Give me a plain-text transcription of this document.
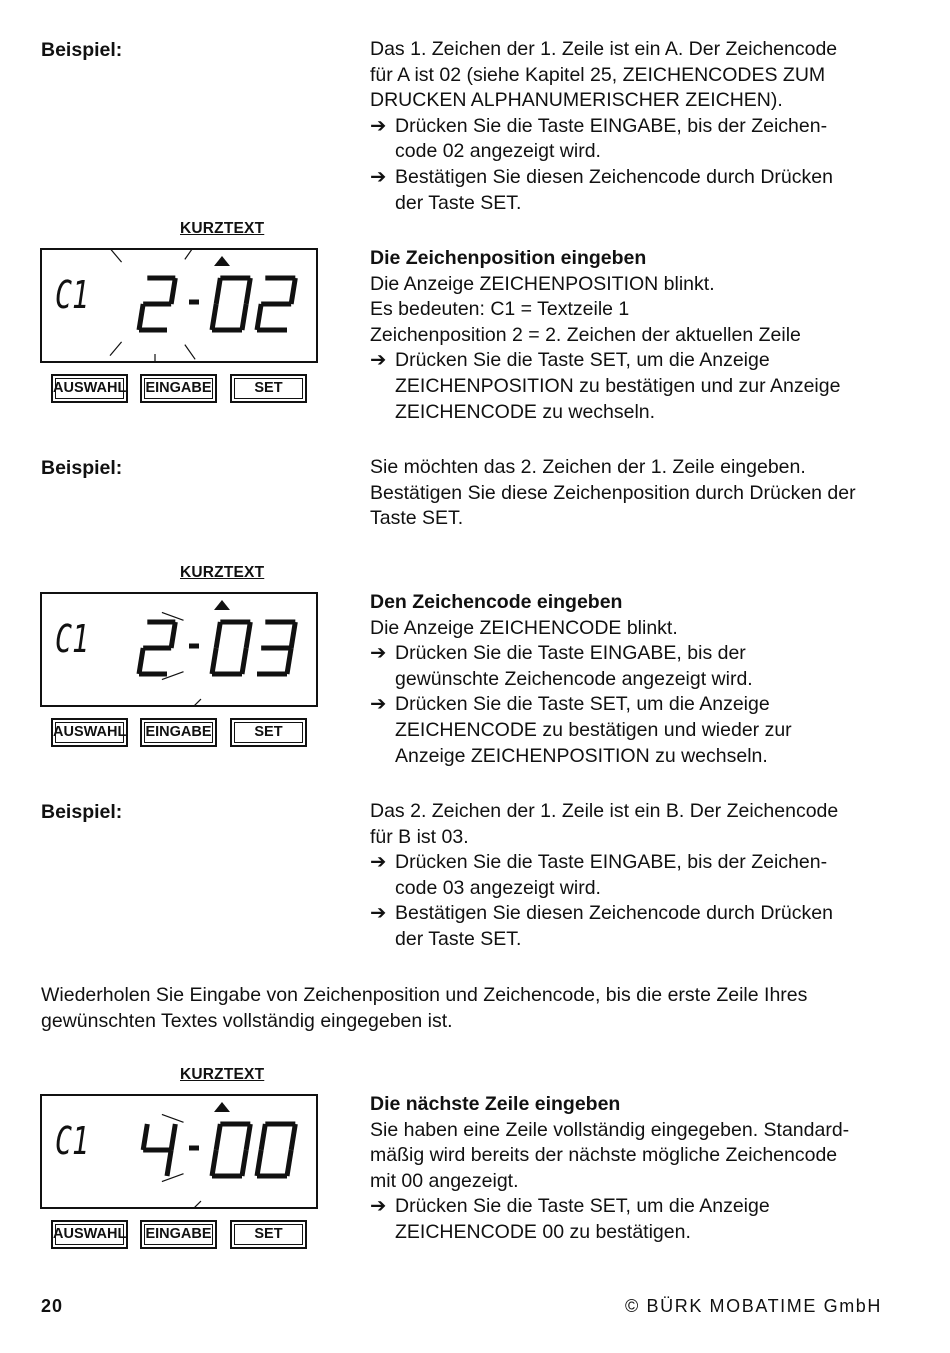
Beispiel:
Beispiel:
Beispiel:
Das 1. Zeichen der 1. Zeile ist ein A. Der Zeichencode
für A ist 02 (siehe Kapitel 25, ZEICHENCODES ZUM
DRUCKEN ALPHANUMERISCHER ZEICHEN).
➔ Drücken Sie die Taste EINGABE, bis der Zeichen-
code 02 angezeigt wird.
➔ Bestätigen Sie diesen Zeichencode durch Drücken
der Taste SET.
Die Zeichenposition eingeben
Die Anzeige ZEICHENPOSITION blinkt.
Es bedeuten: C1 = Textzeile 1
Zeichenposition 2 = 2. Zeichen der aktuellen Zeile
➔ Drücken Sie die Taste SET, um die Anzeige
ZEICHENPOSITION zu bestätigen und zur Anzeige
ZEICHENCODE zu wechseln.
Sie möchten das 2. Zeichen der 1. Zeile eingeben.
Bestätigen Sie diese Zeichenposition durch Drücken der
Taste SET.
Den Zeichencode eingeben
Die Anzeige ZEICHENCODE blinkt.
➔ Drücken Sie die Taste EINGABE, bis der
gewünschte Zeichencode angezeigt wird.
➔ Drücken Sie die Taste SET, um die Anzeige
ZEICHENCODE zu bestätigen und wieder zur
Anzeige ZEICHENPOSITION zu wechseln.
Das 2. Zeichen der 1. Zeile ist ein B. Der Zeichencode
für B ist 03.
➔ Drücken Sie die Taste EINGABE, bis der Zeichen-
code 03 angezeigt wird.
➔ Bestätigen Sie diesen Zeichencode durch Drücken
der Taste SET.
Wiederholen Sie Eingabe von Zeichenposition und Zeichencode, bis die erste Zeile Ihres
gewünschten Textes vollständig eingegeben ist.
Die nächste Zeile eingeben
Sie haben eine Zeile vollständig eingegeben. Standard-
mäßig wird bereits der nächste mögliche Zeichencode
mit 00 angezeigt.
➔ Drücken Sie die Taste SET, um die Anzeige
ZEICHENCODE 00 zu bestätigen.
KURZTEXT
C1
AUSWAHL	EINGABE	SET
KURZTEXT
C1
AUSWAHL	EINGABE	SET
KURZTEXT
C1
AUSWAHL	EINGABE	SET
20	© BÜRK MOBATIME GmbH
